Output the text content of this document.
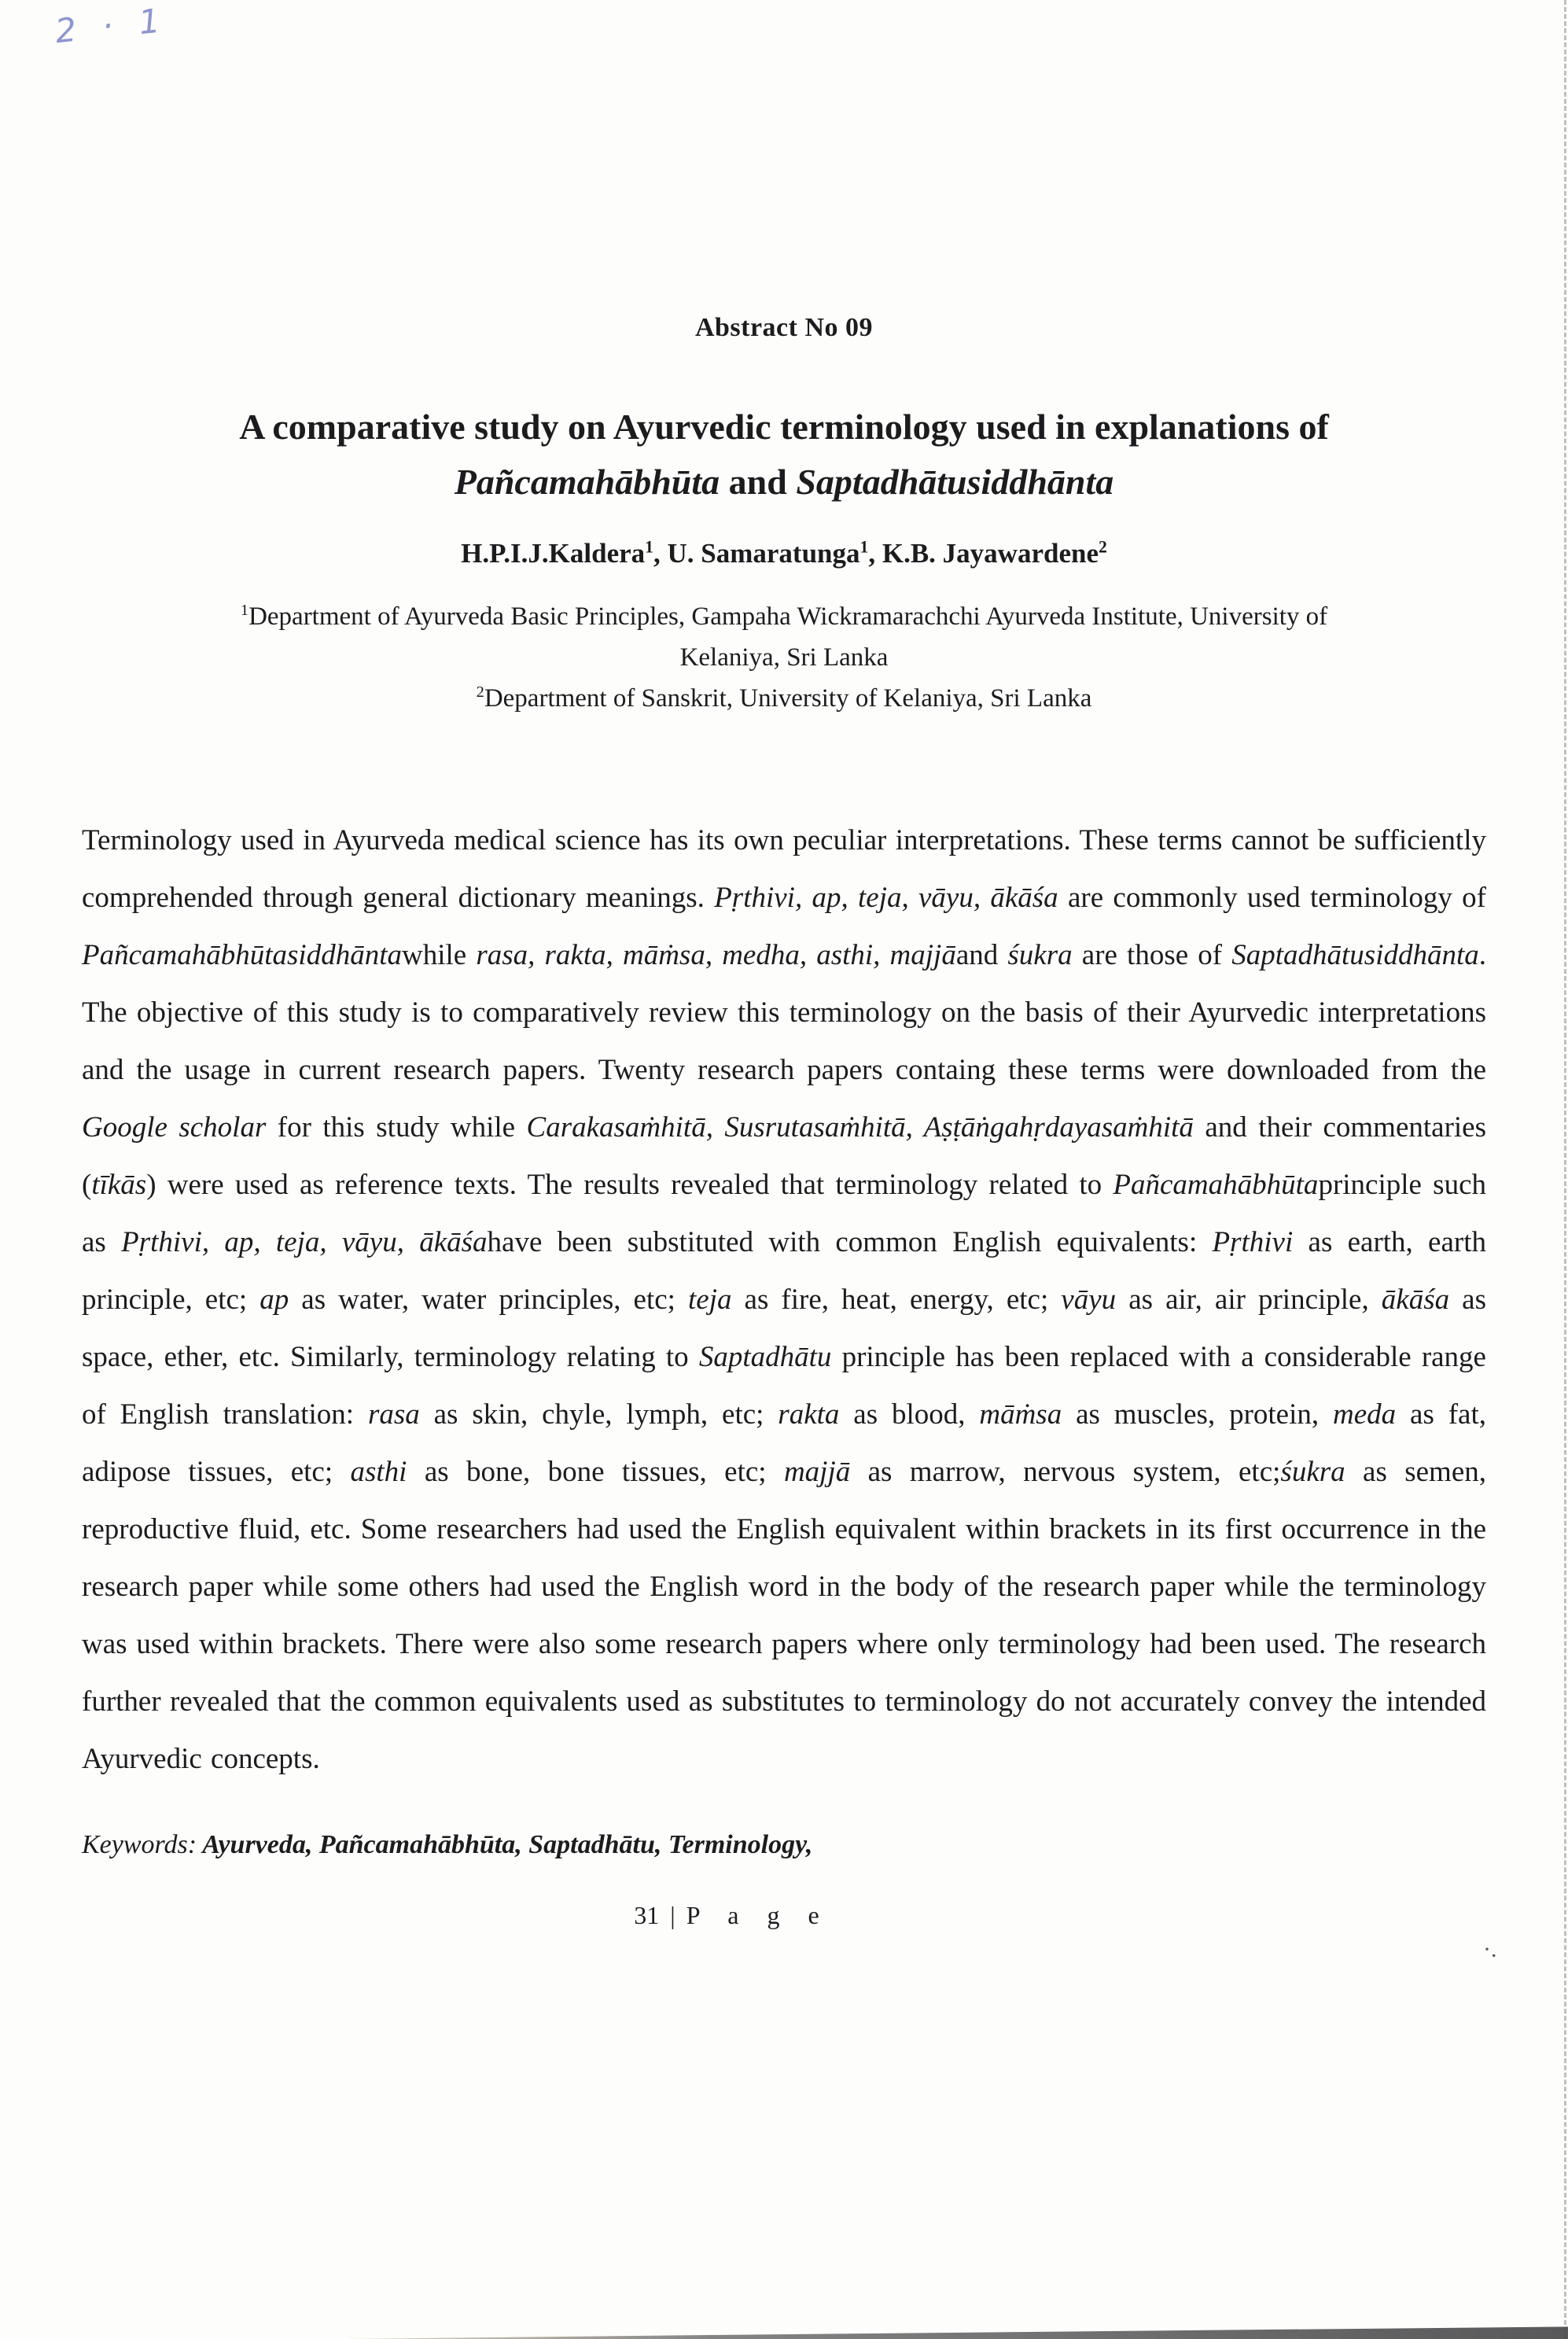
2 · 1
Abstract No 09
A comparative study on Ayurvedic terminology used in explanations of Pañcamahābhūta and Saptadhātusiddhānta
H.P.I.J.Kaldera$^1$, U. Samaratunga$^1$, K.B. Jayawardene$^2$
$^1$Department of Ayurveda Basic Principles, Gampaha Wickramarachchi Ayurveda Institute, University of Kelaniya, Sri Lanka
$^2$Department of Sanskrit, University of Kelaniya, Sri Lanka

Terminology used in Ayurveda medical science has its own peculiar interpretations. These terms cannot be sufficiently comprehended through general dictionary meanings. Pṛthivi, ap, teja, vāyu, ākāśa are commonly used terminology of Pañcamahābhūtasiddhāntawhile rasa, rakta, māṁsa, medha, asthi, majjāand śukra are those of Saptadhātusiddhānta. The objective of this study is to comparatively review this terminology on the basis of their Ayurvedic interpretations and the usage in current research papers. Twenty research papers containg these terms were downloaded from the Google scholar for this study while Carakasaṁhitā, Susrutasaṁhitā, Aṣṭāṅgahṛdayasaṁhitā and their commentaries (tīkās) were used as reference texts. The results revealed that terminology related to Pañcamahābhūtaprinciple such as Pṛthivi, ap, teja, vāyu, ākāśahave been substituted with common English equivalents: Pṛthivi as earth, earth principle, etc; ap as water, water principles, etc; teja as fire, heat, energy, etc; vāyu as air, air principle, ākāśa as space, ether, etc. Similarly, terminology relating to Saptadhātu principle has been replaced with a considerable range of English translation: rasa as skin, chyle, lymph, etc; rakta as blood, māṁsa as muscles, protein, meda as fat, adipose tissues, etc; asthi as bone, bone tissues, etc; majjā as marrow, nervous system, etc;śukra as semen, reproductive fluid, etc. Some researchers had used the English equivalent within brackets in its first occurrence in the research paper while some others had used the English word in the body of the research paper while the terminology was used within brackets. There were also some research papers where only terminology had been used. The research further revealed that the common equivalents used as substitutes to terminology do not accurately convey the intended Ayurvedic concepts.

Keywords: Ayurveda, Pañcamahābhūta, Saptadhātu, Terminology,
31 | P a g e
·.
